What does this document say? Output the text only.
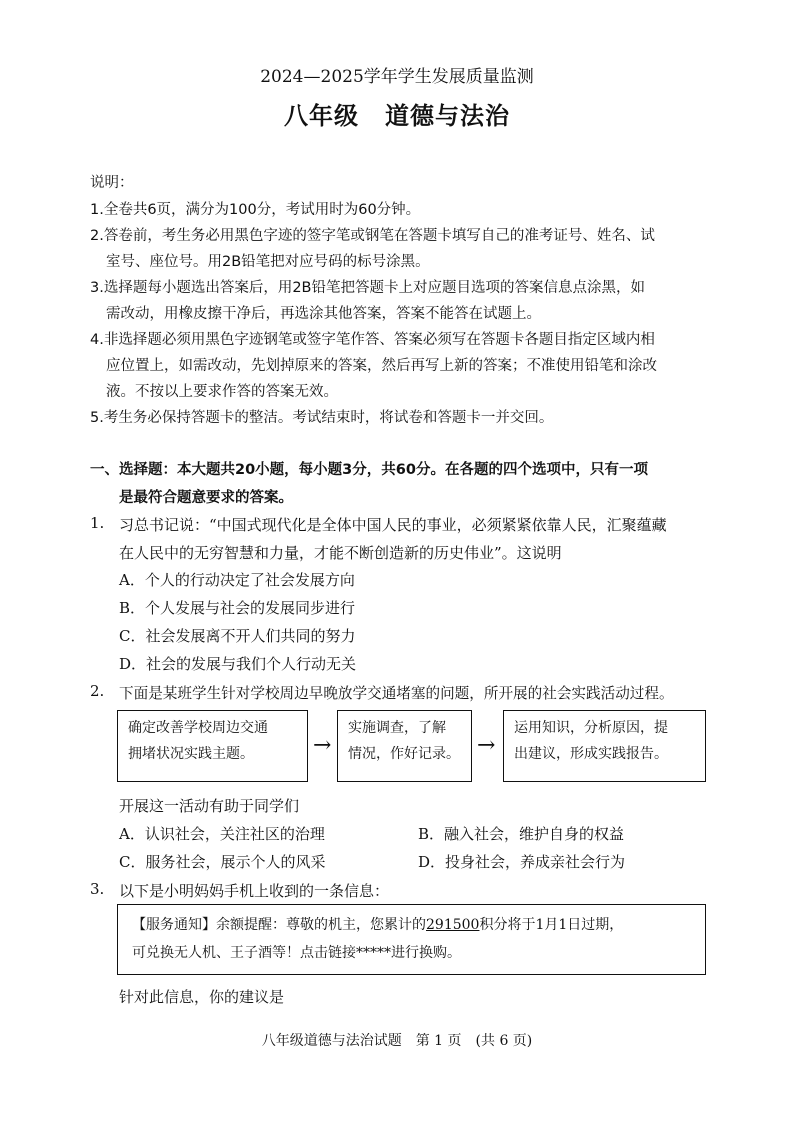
2024—2025学年学生发展质量监测
八年级 道德与法治
说明：
1.全卷共6页，满分为100分，考试用时为60分钟。
2.答卷前，考生务必用黑色字迹的签字笔或钢笔在答题卡填写自己的准考证号、姓名、试
室号、座位号。用2B铅笔把对应号码的标号涂黑。
3.选择题每小题选出答案后，用2B铅笔把答题卡上对应题目选项的答案信息点涂黑，如
需改动，用橡皮擦干净后，再选涂其他答案，答案不能答在试题上。
4.非选择题必须用黑色字迹钢笔或签字笔作答、答案必须写在答题卡各题目指定区域内相
应位置上，如需改动，先划掉原来的答案，然后再写上新的答案；不准使用铅笔和涂改
液。不按以上要求作答的答案无效。
5.考生务必保持答题卡的整洁。考试结束时，将试卷和答题卡一并交回。
一、选择题：本大题共20小题，每小题3分，共60分。在各题的四个选项中，只有一项
是最符合题意要求的答案。
1. 习总书记说：“中国式现代化是全体中国人民的事业，必须紧紧依靠人民，汇聚蕴藏
在人民中的无穷智慧和力量，才能不断创造新的历史伟业”。这说明
A．个人的行动决定了社会发展方向
B．个人发展与社会的发展同步进行
C．社会发展离不开人们共同的努力
D．社会的发展与我们个人行动无关
2. 下面是某班学生针对学校周边早晚放学交通堵塞的问题，所开展的社会实践活动过程。
确定改善学校周边交通
拥堵状况实践主题。	→
实施调查，了解
情况，作好记录。 →
运用知识，分析原因，提
出建议，形成实践报告。
开展这一活动有助于同学们
A．认识社会，关注社区的治理	B．融入社会，维护自身的权益
C．服务社会，展示个人的风采	D．投身社会，养成亲社会行为
3. 以下是小明妈妈手机上收到的一条信息：
【服务通知】余额提醒：尊敬的机主，您累计的291500积分将于1月1日过期，
可兑换无人机、王子酒等！点击链接*****进行换购。
针对此信息，你的建议是
八年级道德与法治试题　第 1 页　(共 6 页)
